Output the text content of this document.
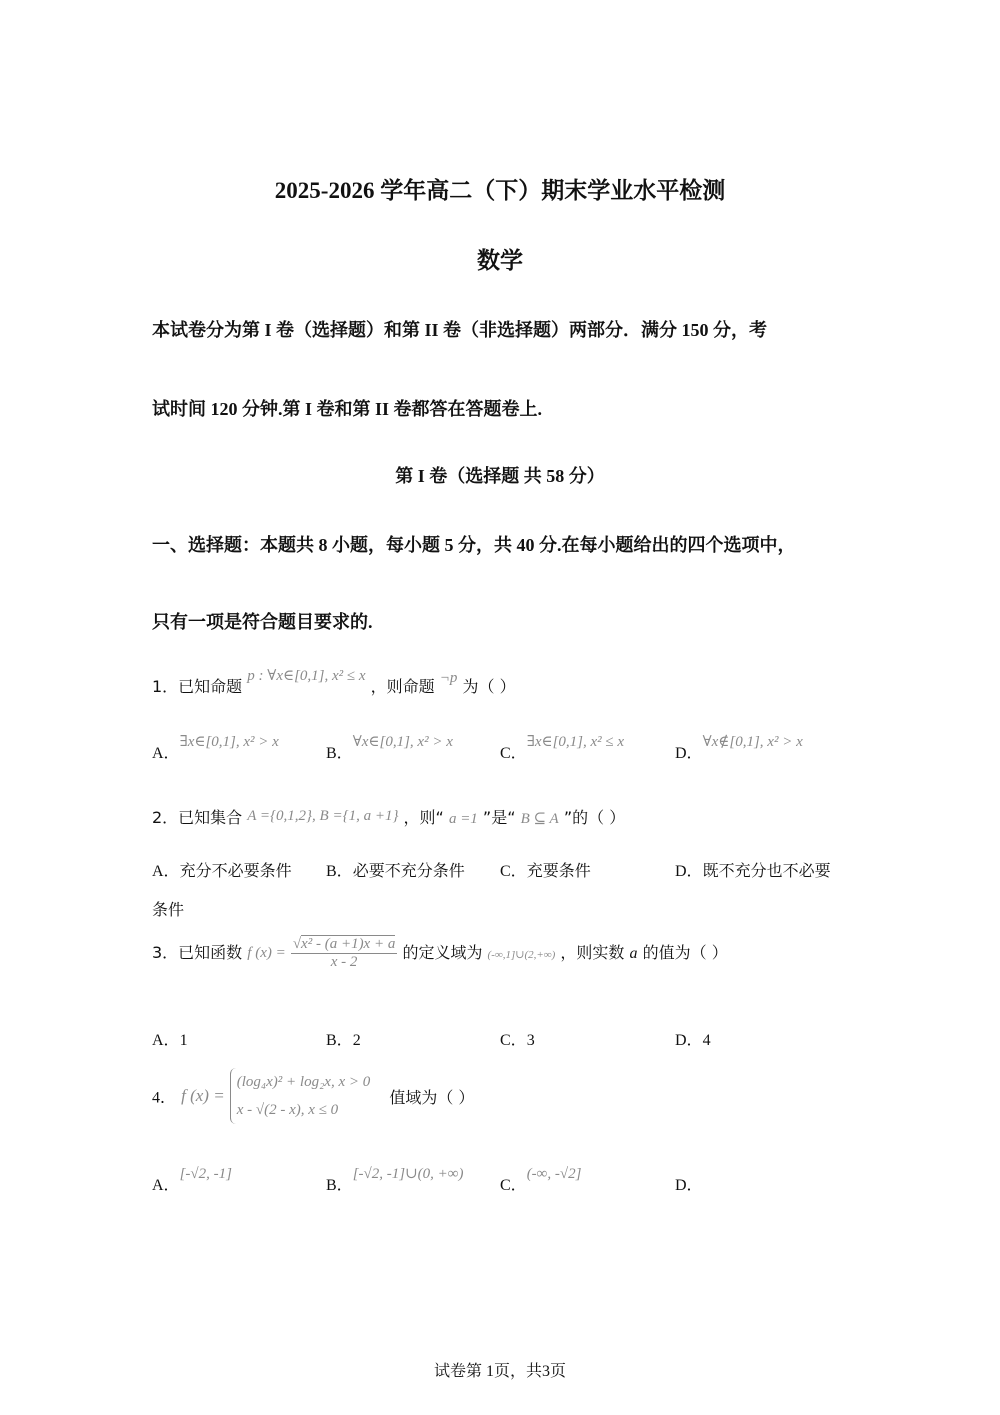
2025-2026 学年高二（下）期末学业水平检测
数学
本试卷分为第 I 卷（选择题）和第 II 卷（非选择题）两部分．满分 150 分，考
试时间 120 分钟.第 I 卷和第 II 卷都答在答题卷上.
第 I 卷（选择题 共 58 分）
一、选择题：本题共 8 小题，每小题 5 分，共 40 分.在每小题给出的四个选项中，
只有一项是符合题目要求的.
1．已知命题 p : ∀x∈[0,1], x² ≤ x ，则命题 ¬p 为（ ）
A．∃x∈[0,1], x² > x
B．∀x∈[0,1], x² > x
C．∃x∈[0,1], x² ≤ x
D．∀x∉[0,1], x² > x
2．已知集合 A ={0,1,2}, B ={1, a +1} ，则“ a =1 ”是“ B ⊆ A ”的（ ）
A．充分不必要条件 B．必要不充分条件 C．充要条件	D．既不充分也不必要
条件
3．已知函数 f $(x) = \frac{\text{√x² - (a +1)x + a}}{x - 2}$ 的定义域为 (-∞,1]∪(2,+∞) ，则实数 a 的值为（ ）
A．1	B．2	C．3	D．4
4． f (x) =
(log₄x)² + log₂x, x > 0
x - √(2 - x), x ≤ 0
值域为（ ）
A．[-√2, -1]
B．[-√2, -1]∪(0, +∞)
C．(-∞, -√2]
D．
试卷第 1页，共3页
